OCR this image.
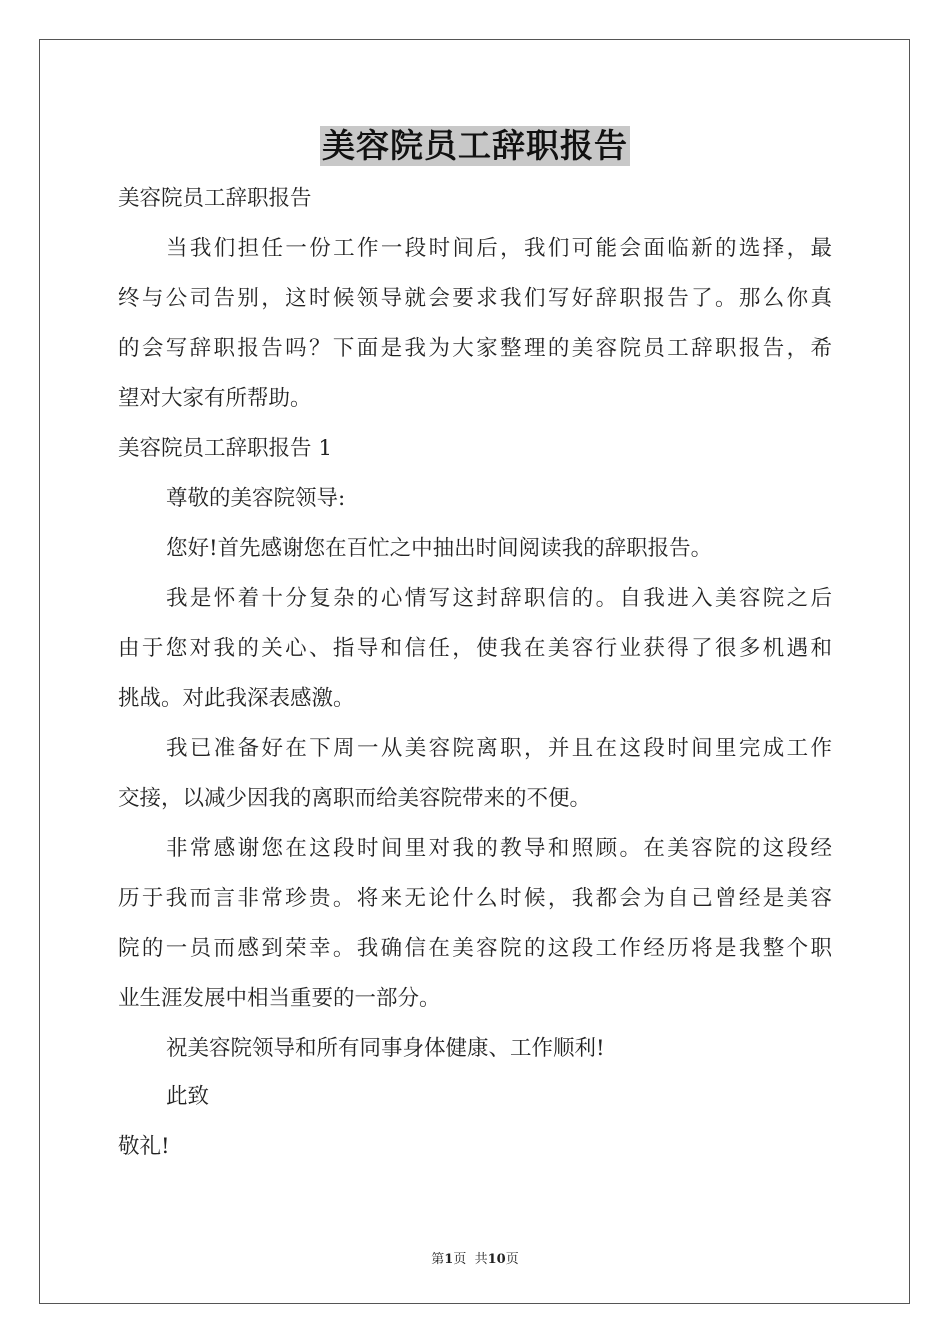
美容院员工辞职报告
美容院员工辞职报告
当我们担任一份工作一段时间后，我们可能会面临新的选择，最
终与公司告别，这时候领导就会要求我们写好辞职报告了。那么你真
的会写辞职报告吗？下面是我为大家整理的美容院员工辞职报告，希
望对大家有所帮助。
美容院员工辞职报告 1
尊敬的美容院领导:
您好!首先感谢您在百忙之中抽出时间阅读我的辞职报告。
我是怀着十分复杂的心情写这封辞职信的。自我进入美容院之后
由于您对我的关心、指导和信任，使我在美容行业获得了很多机遇和
挑战。对此我深表感激。
我已准备好在下周一从美容院离职，并且在这段时间里完成工作
交接，以减少因我的离职而给美容院带来的不便。
非常感谢您在这段时间里对我的教导和照顾。在美容院的这段经
历于我而言非常珍贵。将来无论什么时候，我都会为自己曾经是美容
院的一员而感到荣幸。我确信在美容院的这段工作经历将是我整个职
业生涯发展中相当重要的一部分。
祝美容院领导和所有同事身体健康、工作顺利!
此致
敬礼!
第1页  共10页
